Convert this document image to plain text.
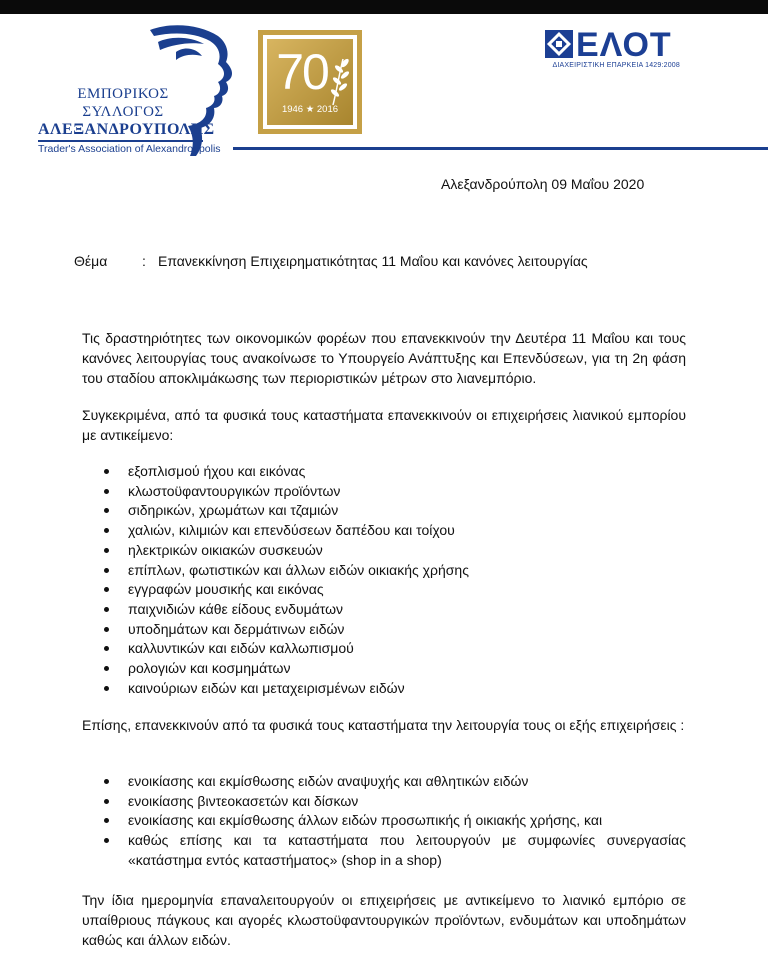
ΕΜΠΟΡΙΚΟΣ
ΣΥΛΛΟΓΟΣ
ΑΛΕΞΑΝΔΡΟΥΠΟΛΗΣ
Trader's Association of Alexandroupolis
70
1946 ★ 2016
ΕΛΟΤ
ΔΙΑΧΕΙΡΙΣΤΙΚΗ ΕΠΑΡΚΕΙΑ 1429:2008
Αλεξανδρούπολη 09 Μαΐου 2020
Θέμα : Επανεκκίνηση Επιχειρηματικότητας 11 Μαΐου και κανόνες λειτουργίας
Τις δραστηριότητες των οικονομικών φορέων που επανεκκινούν την Δευτέρα 11 Μαΐου και τους κανόνες λειτουργίας τους ανακοίνωσε το Υπουργείο Ανάπτυξης και Επενδύσεων, για τη 2η φάση του σταδίου αποκλιμάκωσης των περιοριστικών μέτρων στο λιανεμπόριο.
Συγκεκριμένα, από τα φυσικά τους καταστήματα επανεκκινούν οι επιχειρήσεις λιανικού εμπορίου με αντικείμενο:
εξοπλισμού ήχου και εικόνας
κλωστοϋφαντουργικών προϊόντων
σιδηρικών, χρωμάτων και τζαμιών
χαλιών, κιλιμιών και επενδύσεων δαπέδου και τοίχου
ηλεκτρικών οικιακών συσκευών
επίπλων, φωτιστικών και άλλων ειδών οικιακής χρήσης
εγγραφών μουσικής και εικόνας
παιχνιδιών κάθε είδους ενδυμάτων
υποδημάτων και δερμάτινων ειδών
καλλυντικών και ειδών καλλωπισμού
ρολογιών και κοσμημάτων
καινούριων ειδών και μεταχειρισμένων ειδών
Επίσης, επανεκκινούν από τα φυσικά τους καταστήματα την λειτουργία τους οι εξής επιχειρήσεις :
ενοικίασης και εκμίσθωσης ειδών αναψυχής και αθλητικών ειδών
ενοικίασης βιντεοκασετών και δίσκων
ενοικίασης και εκμίσθωσης άλλων ειδών προσωπικής ή οικιακής χρήσης, και
καθώς επίσης και τα καταστήματα που λειτουργούν με συμφωνίες συνεργασίας «κατάστημα εντός καταστήματος» (shop in a shop)
Την ίδια ημερομηνία επαναλειτουργούν οι επιχειρήσεις με αντικείμενο το λιανικό εμπόριο σε υπαίθριους πάγκους και αγορές κλωστοϋφαντουργικών προϊόντων, ενδυμάτων και υποδημάτων καθώς και άλλων ειδών.
